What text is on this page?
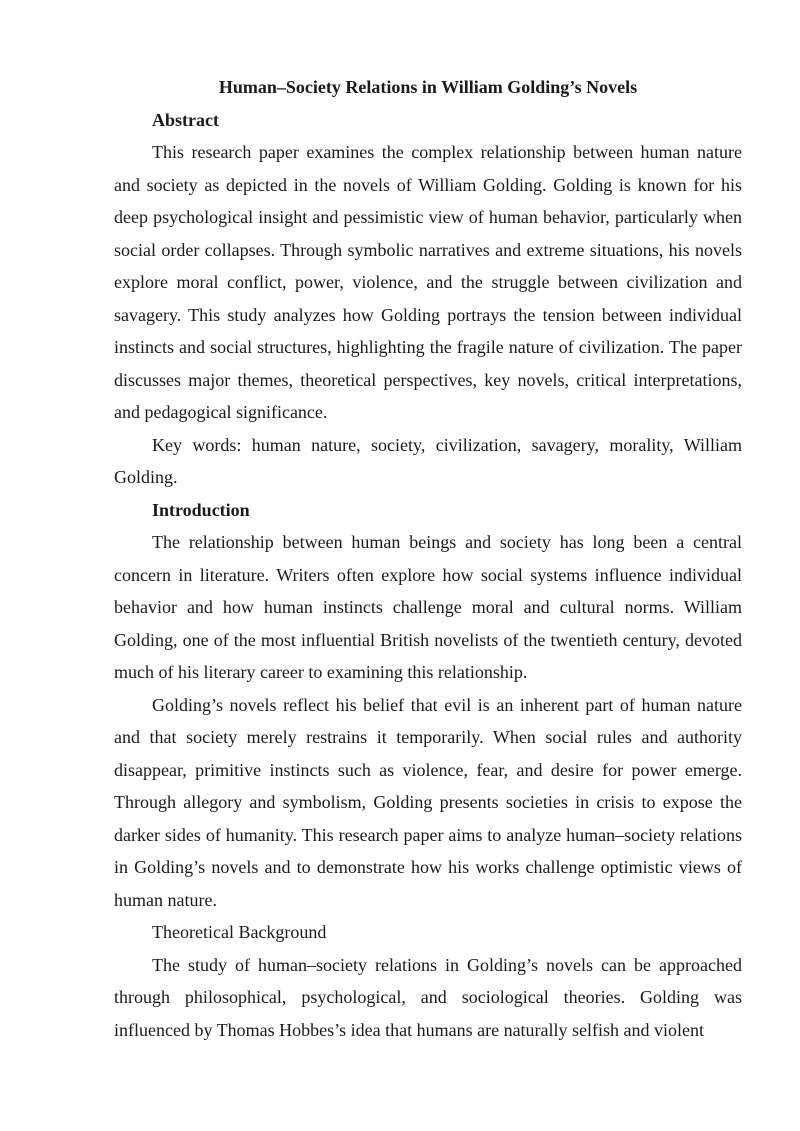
Human–Society Relations in William Golding’s Novels

Abstract

This research paper examines the complex relationship between human nature and society as depicted in the novels of William Golding. Golding is known for his deep psychological insight and pessimistic view of human behavior, particularly when social order collapses. Through symbolic narratives and extreme situations, his novels explore moral conflict, power, violence, and the struggle between civilization and savagery. This study analyzes how Golding portrays the tension between individual instincts and social structures, highlighting the fragile nature of civilization. The paper discusses major themes, theoretical perspectives, key novels, critical interpretations, and pedagogical significance.

Key words: human nature, society, civilization, savagery, morality, William Golding.

Introduction

The relationship between human beings and society has long been a central concern in literature. Writers often explore how social systems influence individual behavior and how human instincts challenge moral and cultural norms. William Golding, one of the most influential British novelists of the twentieth century, devoted much of his literary career to examining this relationship.

Golding’s novels reflect his belief that evil is an inherent part of human nature and that society merely restrains it temporarily. When social rules and authority disappear, primitive instincts such as violence, fear, and desire for power emerge. Through allegory and symbolism, Golding presents societies in crisis to expose the darker sides of humanity. This research paper aims to analyze human–society relations in Golding’s novels and to demonstrate how his works challenge optimistic views of human nature.

Theoretical Background

The study of human–society relations in Golding’s novels can be approached through philosophical, psychological, and sociological theories. Golding was influenced by Thomas Hobbes’s idea that humans are naturally selfish and violent
